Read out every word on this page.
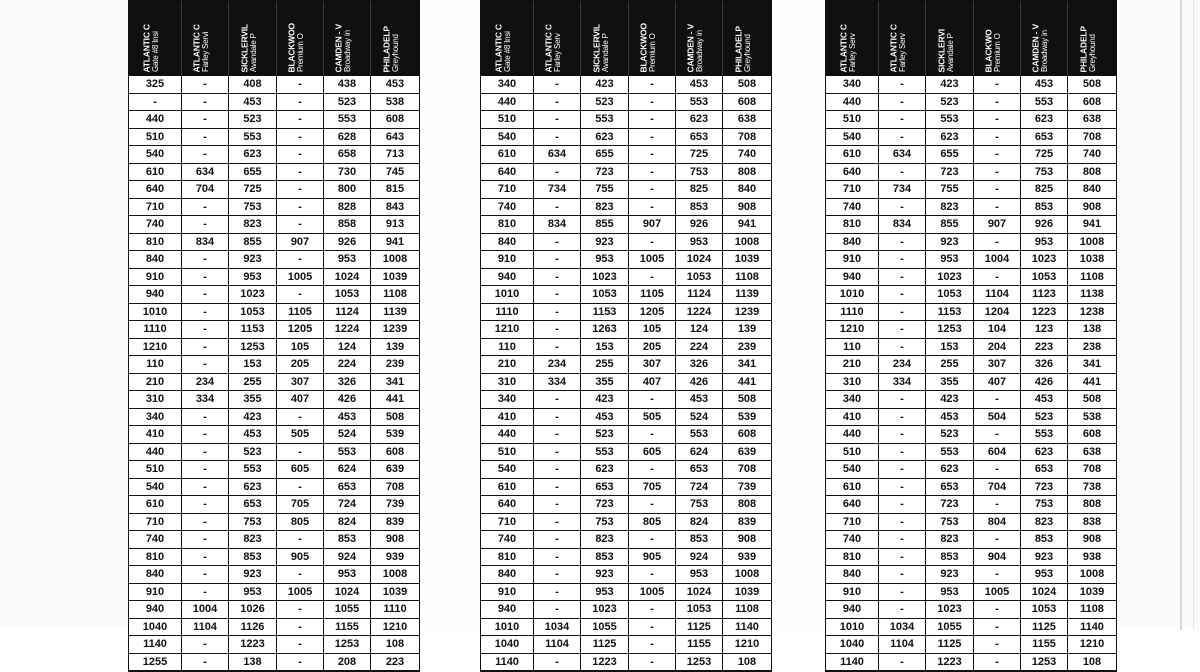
ATLANTIC C Gate #8 Insi	ATLANTIC C Farley Servi	SICKLERVIL Avandale P	BLACKWOO Premium O	CAMDEN - V Broadway in	PHILADELP Greyhound
325	-	408	-	438	453
-	-	453	-	523	538
440	-	523	-	553	608
510	-	553	-	628	643
540	-	623	-	658	713
610	634	655	-	730	745
640	704	725	-	800	815
710	-	753	-	828	843
740	-	823	-	858	913
810	834	855	907	926	941
840	-	923	-	953	1008
910	-	953	1005	1024	1039
940	-	1023	-	1053	1108
1010	-	1053	1105	1124	1139
1110	-	1153	1205	1224	1239
1210	-	1253	105	124	139
110	-	153	205	224	239
210	234	255	307	326	341
310	334	355	407	426	441
340	-	423	-	453	508
410	-	453	505	524	539
440	-	523	-	553	608
510	-	553	605	624	639
540	-	623	-	653	708
610	-	653	705	724	739
710	-	753	805	824	839
740	-	823	-	853	908
810	-	853	905	924	939
840	-	923	-	953	1008
910	-	953	1005	1024	1039
940	1004	1026	-	1055	1110
1040	1104	1126	-	1155	1210
1140	-	1223	-	1253	108
1255	-	138	-	208	223
ATLANTIC C Gate #8 Insi	ATLANTIC C Farley Serv	SICKLERVIL Avandale P	BLACKWOO Premium O	CAMDEN - V Broadway in	PHILADELP Greyhound
340	-	423	-	453	508
440	-	523	-	553	608
510	-	553	-	623	638
540	-	623	-	653	708
610	634	655	-	725	740
640	-	723	-	753	808
710	734	755	-	825	840
740	-	823	-	853	908
810	834	855	907	926	941
840	-	923	-	953	1008
910	-	953	1005	1024	1039
940	-	1023	-	1053	1108
1010	-	1053	1105	1124	1139
1110	-	1153	1205	1224	1239
1210	-	1263	105	124	139
110	-	153	205	224	239
210	234	255	307	326	341
310	334	355	407	426	441
340	-	423	-	453	508
410	-	453	505	524	539
440	-	523	-	553	608
510	-	553	605	624	639
540	-	623	-	653	708
610	-	653	705	724	739
640	-	723	-	753	808
710	-	753	805	824	839
740	-	823	-	853	908
810	-	853	905	924	939
840	-	923	-	953	1008
910	-	953	1005	1024	1039
940	-	1023	-	1053	1108
1010	1034	1055	-	1125	1140
1040	1104	1125	-	1155	1210
1140	-	1223	-	1253	108
ATLANTIC C Farley Serv	ATLANTIC C Farley Serv	SICKLERVI Avandale P	BLACKWO Premium O	CAMDEN - V Broadway in	PHILADELP Greyhound
340	-	423	-	453	508
440	-	523	-	553	608
510	-	553	-	623	638
540	-	623	-	653	708
610	634	655	-	725	740
640	-	723	-	753	808
710	734	755	-	825	840
740	-	823	-	853	908
810	834	855	907	926	941
840	-	923	-	953	1008
910	-	953	1004	1023	1038
940	-	1023	-	1053	1108
1010	-	1053	1104	1123	1138
1110	-	1153	1204	1223	1238
1210	-	1253	104	123	138
110	-	153	204	223	238
210	234	255	307	326	341
310	334	355	407	426	441
340	-	423	-	453	508
410	-	453	504	523	538
440	-	523	-	553	608
510	-	553	604	623	638
540	-	623	-	653	708
610	-	653	704	723	738
640	-	723	-	753	808
710	-	753	804	823	838
740	-	823	-	853	908
810	-	853	904	923	938
840	-	923	-	953	1008
910	-	953	1005	1024	1039
940	-	1023	-	1053	1108
1010	1034	1055	-	1125	1140
1040	1104	1125	-	1155	1210
1140	-	1223	-	1253	108
